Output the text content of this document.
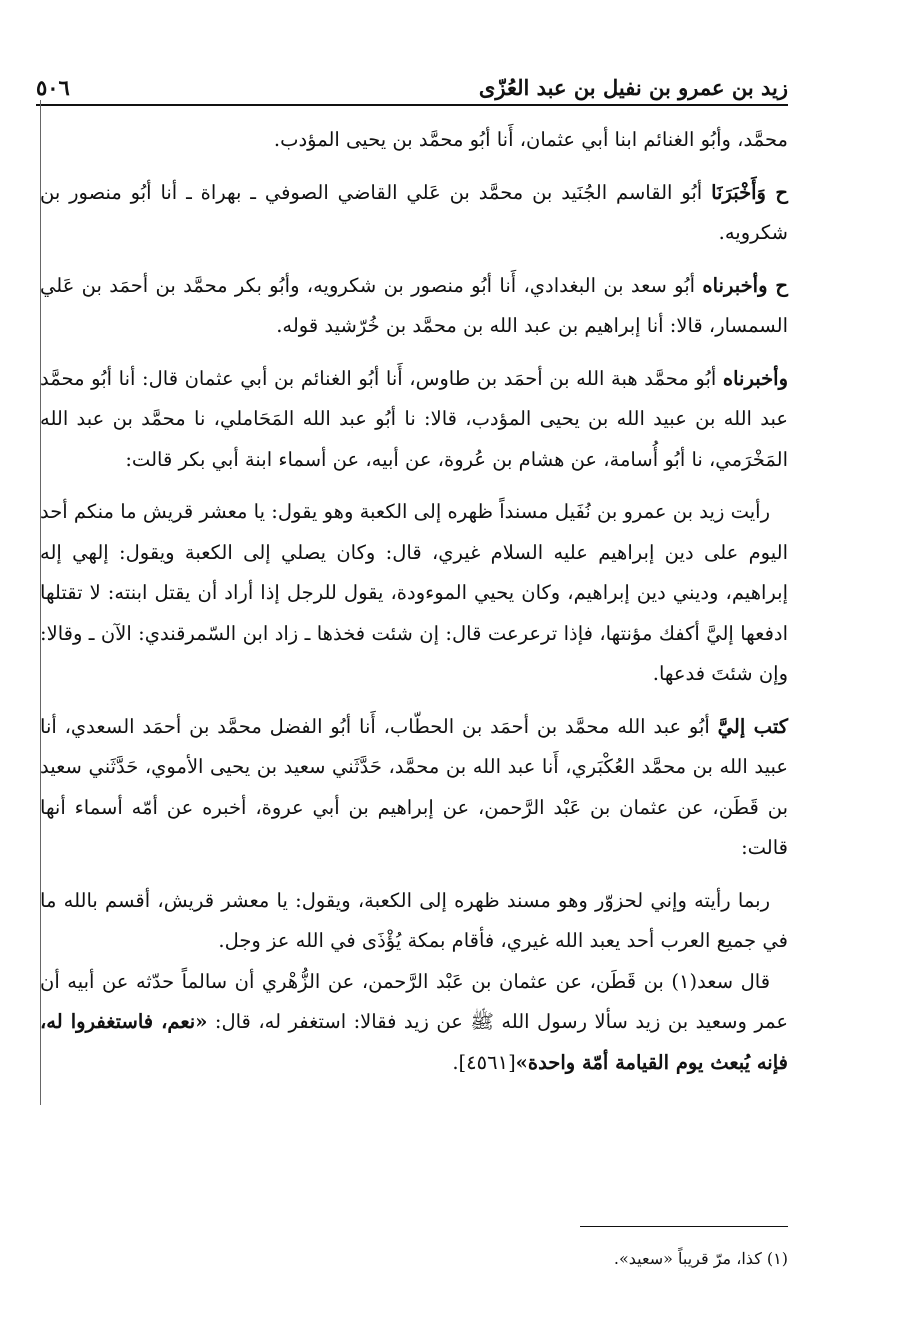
زيد بن عمرو بن نفيل بن عبد العُزّى
٥٠٦

محمَّد، وأبُو الغنائم ابنا أبي عثمان، أَنا أبُو محمَّد بن يحيى المؤدب.

ح وَأَخْبَرَنَا أبُو القاسم الجُنَيد بن محمَّد بن عَلي القاضي الصوفي ـ بهراة ـ أنا أبُو منصور بن شكرويه.

ح وأخبرناه أبُو سعد بن البغدادي، أَنا أبُو منصور بن شكرويه، وأبُو بكر محمَّد بن أحمَد بن عَلي السمسار، قالا: أنا إبراهيم بن عبد الله بن محمَّد بن خُرّشيد قوله.

وأخبرناه أبُو محمَّد هبة الله بن أحمَد بن طاوس، أَنا أبُو الغنائم بن أبي عثمان قال: أنا أبُو محمَّد عبد الله بن عبيد الله بن يحيى المؤدب، قالا: نا أبُو عبد الله المَحَاملي، نا محمَّد بن عبد الله المَخْرَمي، نا أبُو أُسامة، عن هشام بن عُروة، عن أبيه، عن أسماء ابنة أبي بكر قالت:

رأيت زيد بن عمرو بن نُفَيل مسنداً ظهره إلى الكعبة وهو يقول: يا معشر قريش ما منكم أحد اليوم على دين إبراهيم عليه السلام غيري، قال: وكان يصلي إلى الكعبة ويقول: إلهي إله إبراهيم، وديني دين إبراهيم، وكان يحيي الموءودة، يقول للرجل إذا أراد أن يقتل ابنته: لا تقتلها ادفعها إليَّ أكفك مؤنتها، فإذا ترعرعت قال: إن شئت فخذها ـ زاد ابن السّمرقندي: الآن ـ وقالا: وإن شئتَ فدعها.

كتب إليَّ أبُو عبد الله محمَّد بن أحمَد بن الحطّاب، أَنا أبُو الفضل محمَّد بن أحمَد السعدي، أنا عبيد الله بن محمَّد العُكْبَري، أَنا عبد الله بن محمَّد، حَدَّثَني سعيد بن يحيى الأموي، حَدَّثَني سعيد بن قَطَن، عن عثمان بن عَبْد الرَّحمن، عن إبراهيم بن أبي عروة، أخبره عن أمّه أسماء أنها قالت:

ربما رأيته وإني لحزوّر وهو مسند ظهره إلى الكعبة، ويقول: يا معشر قريش، أقسم بالله ما في جميع العرب أحد يعبد الله غيري، فأقام بمكة يُؤْذَى في الله عز وجل.

قال سعد(١) بن قَطَن، عن عثمان بن عَبْد الرَّحمن، عن الزُّهْري أن سالماً حدّثه عن أبيه أن عمر وسعيد بن زيد سألا رسول الله ﷺ عن زيد فقالا: استغفر له، قال: «نعم، فاستغفروا له، فإنه يُبعث يوم القيامة أمّة واحدة»[٤٥٦١].

(١) كذا، مرّ قريباً «سعيد».
